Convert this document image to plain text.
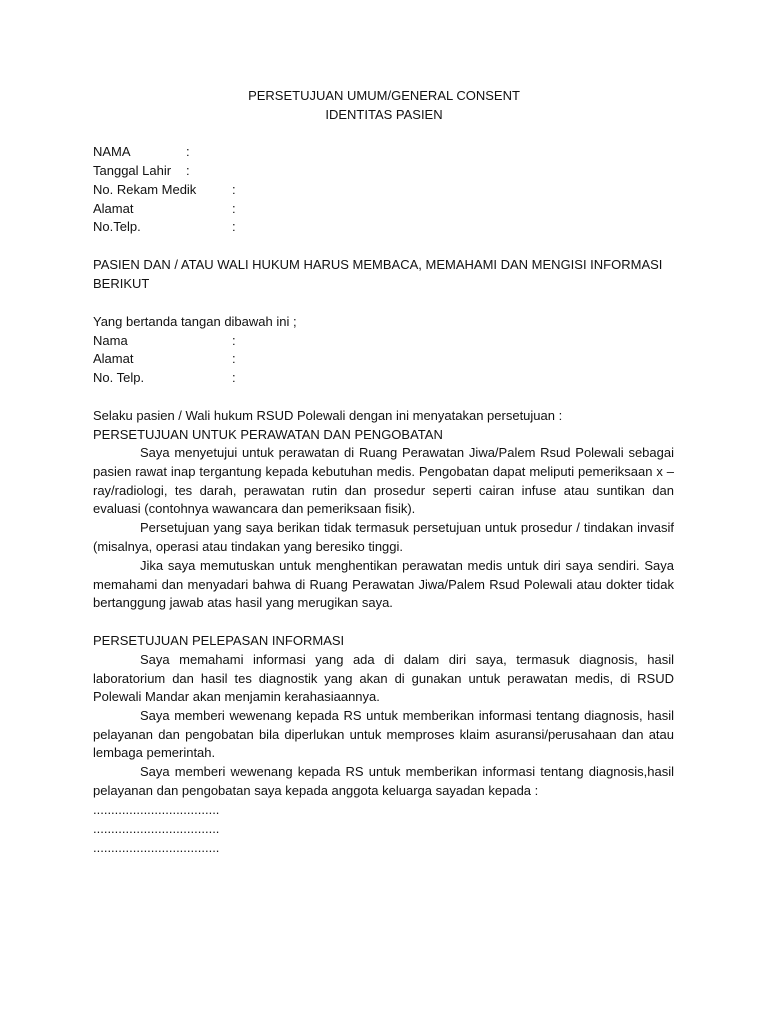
PERSETUJUAN UMUM/GENERAL CONSENT
IDENTITAS PASIEN
NAMA	:
Tanggal Lahir :
No. Rekam Medik	:
Alamat	:
No.Telp.	:
PASIEN DAN / ATAU WALI HUKUM HARUS MEMBACA, MEMAHAMI DAN MENGISI INFORMASI
BERIKUT
Yang bertanda tangan dibawah ini ;
Nama	:
Alamat	:
No. Telp.	:
Selaku pasien / Wali hukum RSUD Polewali dengan ini menyatakan persetujuan :
PERSETUJUAN UNTUK PERAWATAN DAN PENGOBATAN
Saya menyetujui untuk perawatan di Ruang Perawatan Jiwa/Palem Rsud Polewali sebagai
pasien rawat inap tergantung kepada kebutuhan medis. Pengobatan dapat meliputi pemeriksaan x –
ray/radiologi, tes darah, perawatan rutin dan prosedur seperti cairan infuse atau suntikan dan
evaluasi (contohnya wawancara dan pemeriksaan fisik).
Persetujuan yang saya berikan tidak termasuk persetujuan untuk prosedur / tindakan invasif
(misalnya, operasi atau tindakan yang beresiko tinggi.
Jika saya memutuskan untuk menghentikan perawatan medis untuk diri saya sendiri. Saya
memahami dan menyadari bahwa di Ruang Perawatan Jiwa/Palem Rsud Polewali atau dokter tidak
bertanggung jawab atas hasil yang merugikan saya.
PERSETUJUAN PELEPASAN INFORMASI
Saya memahami informasi yang ada di dalam diri saya, termasuk diagnosis, hasil
laboratorium dan hasil tes diagnostik yang akan di gunakan untuk perawatan medis, di RSUD
Polewali Mandar akan menjamin kerahasiaannya.
Saya memberi wewenang kepada RS untuk memberikan informasi tentang diagnosis, hasil
pelayanan dan pengobatan bila diperlukan untuk memproses klaim asuransi/perusahaan dan atau
lembaga pemerintah.
Saya memberi wewenang kepada RS untuk memberikan informasi tentang diagnosis,hasil
pelayanan dan pengobatan saya kepada anggota keluarga sayadan kepada :
...................................
...................................
...................................
